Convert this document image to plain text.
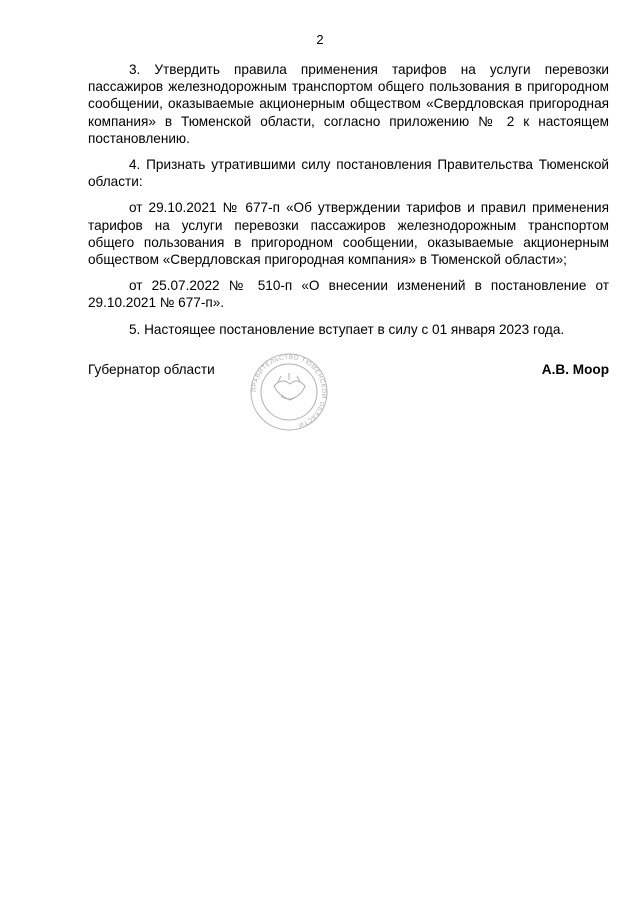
2

3. Утвердить правила применения тарифов на услуги перевозки пассажиров железнодорожным транспортом общего пользования в пригородном сообщении, оказываемые акционерным обществом «Свердловская пригородная компания» в Тюменской области, согласно приложению № 2 к настоящем постановлению.

4. Признать утратившими силу постановления Правительства Тюменской области:

от 29.10.2021 № 677-п «Об утверждении тарифов и правил применения тарифов на услуги перевозки пассажиров железнодорожным транспортом общего пользования в пригородном сообщении, оказываемые акционерным обществом «Свердловская пригородная компания» в Тюменской области»;

от 25.07.2022 № 510-п «О внесении изменений в постановление от 29.10.2021 № 677-п».

5. Настоящее постановление вступает в силу с 01 января 2023 года.

Губернатор области
ПРАВИТЕЛЬСТВО ТЮМЕНСКОЙ ОБЛАСТИ
А.В. Моор
